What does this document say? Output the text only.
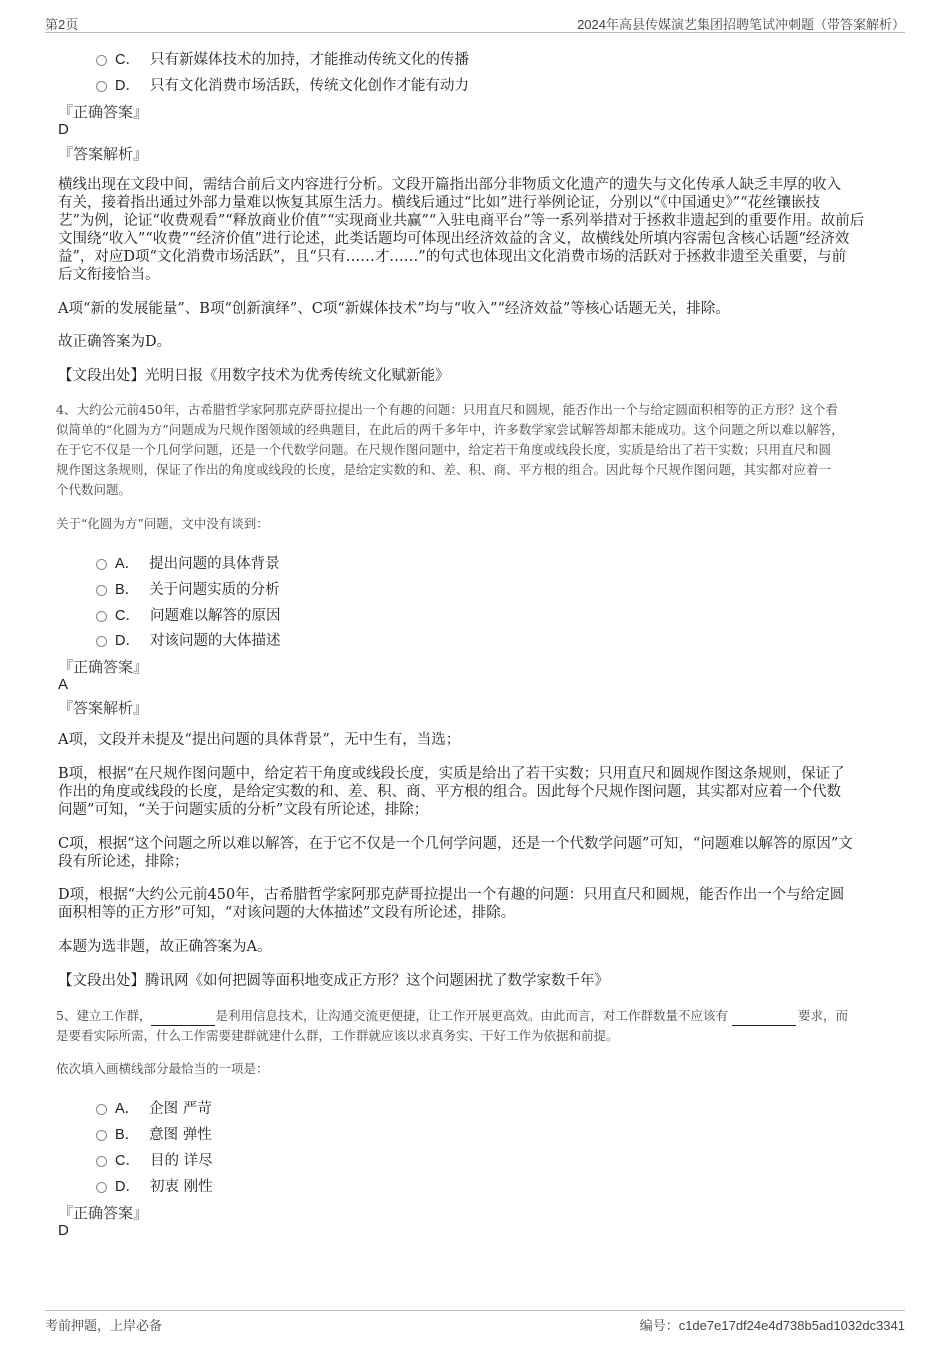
第2页	2024年高县传媒演艺集团招聘笔试冲刺题（带答案解析）
C． 只有新媒体技术的加持，才能推动传统文化的传播
D． 只有文化消费市场活跃，传统文化创作才能有动力
『正确答案』
D
『答案解析』
横线出现在文段中间，需结合前后文内容进行分析。文段开篇指出部分非物质文化遗产的遗失与文化传承人缺乏丰厚的收入
有关，接着指出通过外部力量难以恢复其原生活力。横线后通过“比如”进行举例论证，分别以“《中国通史》”“花丝镶嵌技
艺”为例，论证“收费观看”“释放商业价值”“实现商业共赢”“入驻电商平台”等一系列举措对于拯救非遗起到的重要作用。故前后
文围绕“收入”“收费”“经济价值”进行论述，此类话题均可体现出经济效益的含义，故横线处所填内容需包含核心话题“经济效
益”，对应D项“文化消费市场活跃”，且“只有……才……”的句式也体现出文化消费市场的活跃对于拯救非遗至关重要，与前
后文衔接恰当。
A项“新的发展能量”、B项“创新演绎”、C项“新媒体技术”均与“收入”“经济效益”等核心话题无关，排除。
故正确答案为D。
【文段出处】光明日报《用数字技术为优秀传统文化赋新能》
4、大约公元前450年，古希腊哲学家阿那克萨哥拉提出一个有趣的问题：只用直尺和圆规，能否作出一个与给定圆面积相等的正方形？这个看
似简单的“化圆为方”问题成为尺规作图领域的经典题目，在此后的两千多年中，许多数学家尝试解答却都未能成功。这个问题之所以难以解答，
在于它不仅是一个几何学问题，还是一个代数学问题。在尺规作图问题中，给定若干角度或线段长度，实质是给出了若干实数；只用直尺和圆
规作图这条规则，保证了作出的角度或线段的长度，是给定实数的和、差、积、商、平方根的组合。因此每个尺规作图问题，其实都对应着一
个代数问题。
关于“化圆为方”问题，文中没有谈到：
A． 提出问题的具体背景
B． 关于问题实质的分析
C． 问题难以解答的原因
D． 对该问题的大体描述
『正确答案』
A
『答案解析』
A项，文段并未提及“提出问题的具体背景”，无中生有，当选；
B项，根据“在尺规作图问题中，给定若干角度或线段长度，实质是给出了若干实数；只用直尺和圆规作图这条规则，保证了
作出的角度或线段的长度，是给定实数的和、差、积、商、平方根的组合。因此每个尺规作图问题，其实都对应着一个代数
问题”可知，“关于问题实质的分析”文段有所论述，排除；
C项，根据“这个问题之所以难以解答，在于它不仅是一个几何学问题，还是一个代数学问题”可知，“问题难以解答的原因”文
段有所论述，排除；
D项，根据“大约公元前450年，古希腊哲学家阿那克萨哥拉提出一个有趣的问题：只用直尺和圆规，能否作出一个与给定圆
面积相等的正方形”可知，“对该问题的大体描述”文段有所论述，排除。
本题为选非题，故正确答案为A。
【文段出处】腾讯网《如何把圆等面积地变成正方形？这个问题困扰了数学家数千年》
5、建立工作群，	是利用信息技术，让沟通交流更便捷，让工作开展更高效。由此而言，对工作群数量不应该有	要求，而
是要看实际所需，什么工作需要建群就建什么群，工作群就应该以求真务实、干好工作为依据和前提。
依次填入画横线部分最恰当的一项是：
A． 企图 严苛
B． 意图 弹性
C． 目的 详尽
D． 初衷 刚性
『正确答案』
D
考前押题，上岸必备	编号：c1de7e17df24e4d738b5ad1032dc3341
